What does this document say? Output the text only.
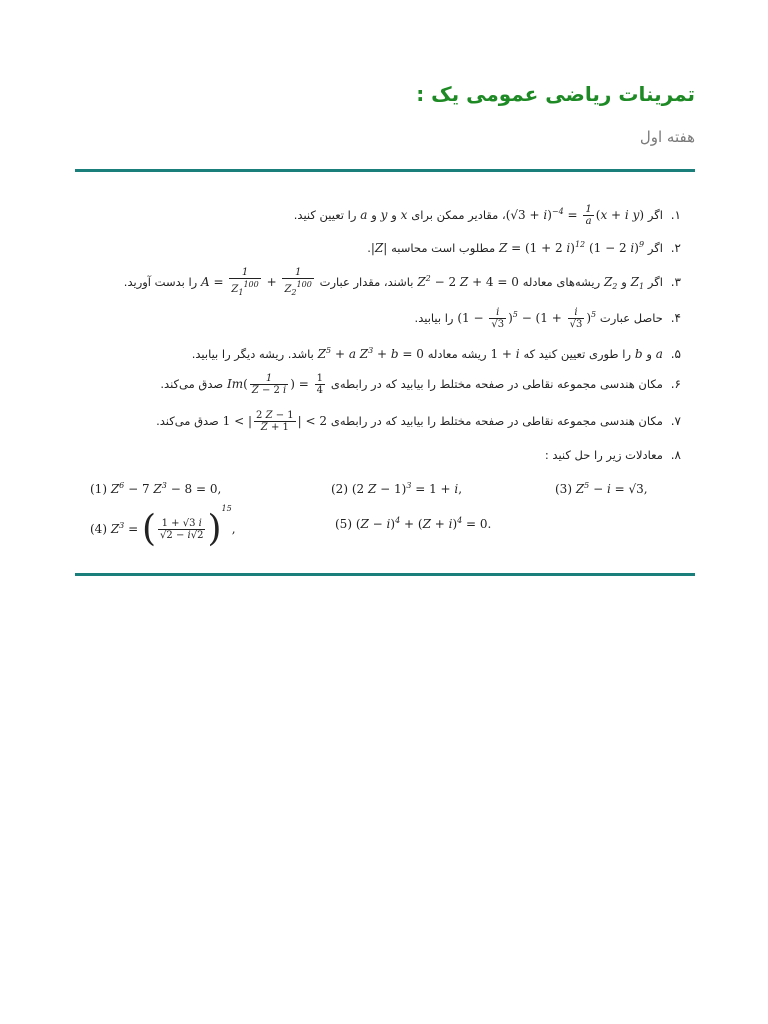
تمرینات ریاضی عمومی یک :
هفته اول
۱. اگر $(√3 + i)^{-4} = \frac{1}{a} (x + i$ y)، مقادیر ممکن برای x و y و a را تعیین کنید.
۲. اگر Z = (1 + 2 i)$^{12}$ (1 − 2 i)$^9$ مطلوب است محاسبه |Z|.
۳. اگر $Z_1$ و $Z_2$ ریشه‌های معادله $Z^2 - 2$ Z + 4 = 0 باشند، مقدار عبارت $A = \frac{1}{Z_1^{100}} + \frac{1}{Z_2^{100}}$
را بدست آورید.
۴. حاصل عبارت $(1 - \frac{i}{√3} )^5 - (1 + \frac{i}{√3} )^5$ را بیابید.
۵. a و b را طوری تعیین کنید که 1 + i ریشه معادله $Z^5 + a$ $Z^3 + b = 0$ باشد. ریشه دیگر را بیابید.
۶. مکان هندسی مجموعه نقاطی در صفحه مختلط را بیابید که در رابطه‌ی $Im( \frac{1}{Z - 2 i}$ ) = $\frac{1}{4}$
صدق می‌کند.
۷. مکان هندسی مجموعه نقاطی در صفحه مختلط را بیابید که در رابطه‌ی 1 < | $\frac{2 Z - 1}{Z + 1}$ | < 2 صدق می‌کند.
۸. معادلات زیر را حل کنید :
(1) $Z^6 - 7$ $Z^3 - 8 = 0$,	(2) (2 Z − 1)$^3$ = 1 + i,	(3) $Z^5 - i = √3$,
(4) $Z^3$ = ( $\frac{1 + √3 i}{√2 - i√2} )^{15}$,	(5) $(Z - i)^4 + (Z + i)^4 = 0$.
